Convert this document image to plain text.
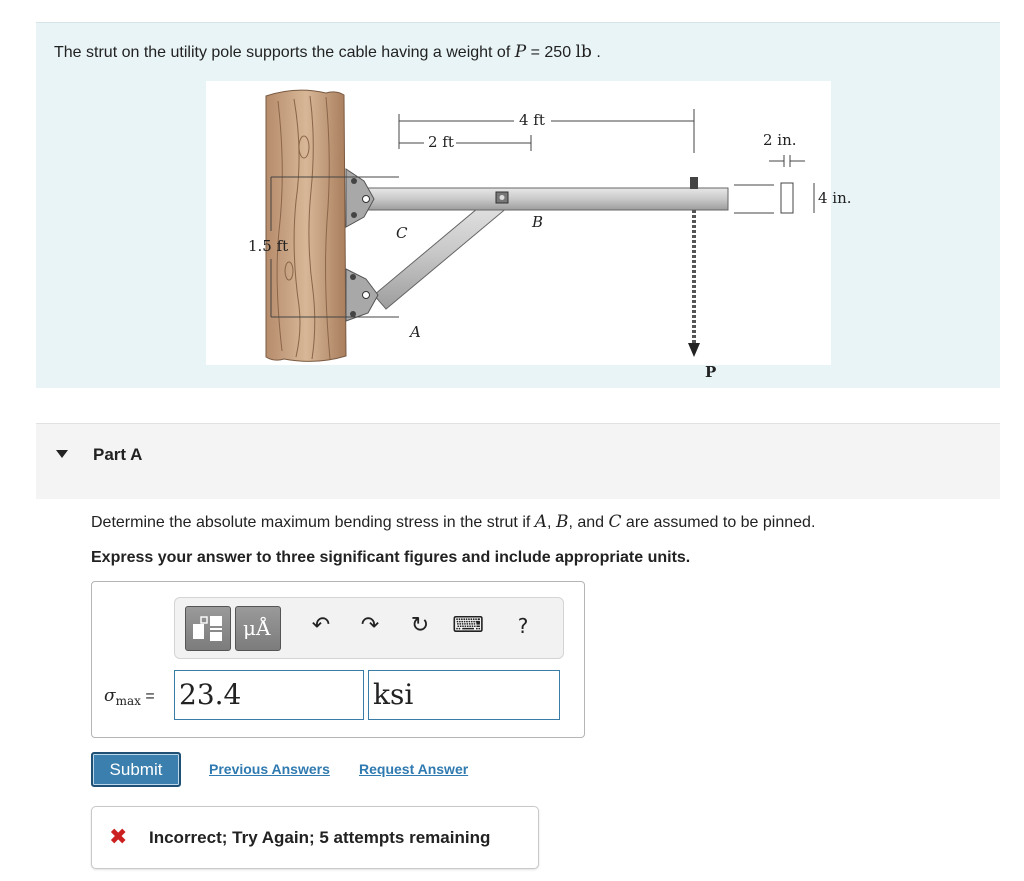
The strut on the utility pole supports the cable having a weight of P = 250 lb .
4 ft
2 ft
1.5 ft
2 in.
4 in.
C
B
A
P
Part A
Determine the absolute maximum bending stress in the strut if A, B, and C are assumed to be pinned.
Express your answer to three significant figures and include appropriate units.
μÅ ↶ ↷ ↻ ⌨	?
$\sigma_{max} = 23.4$	ksi
Submit	Previous Answers Request Answer
✖ Incorrect; Try Again; 5 attempts remaining
